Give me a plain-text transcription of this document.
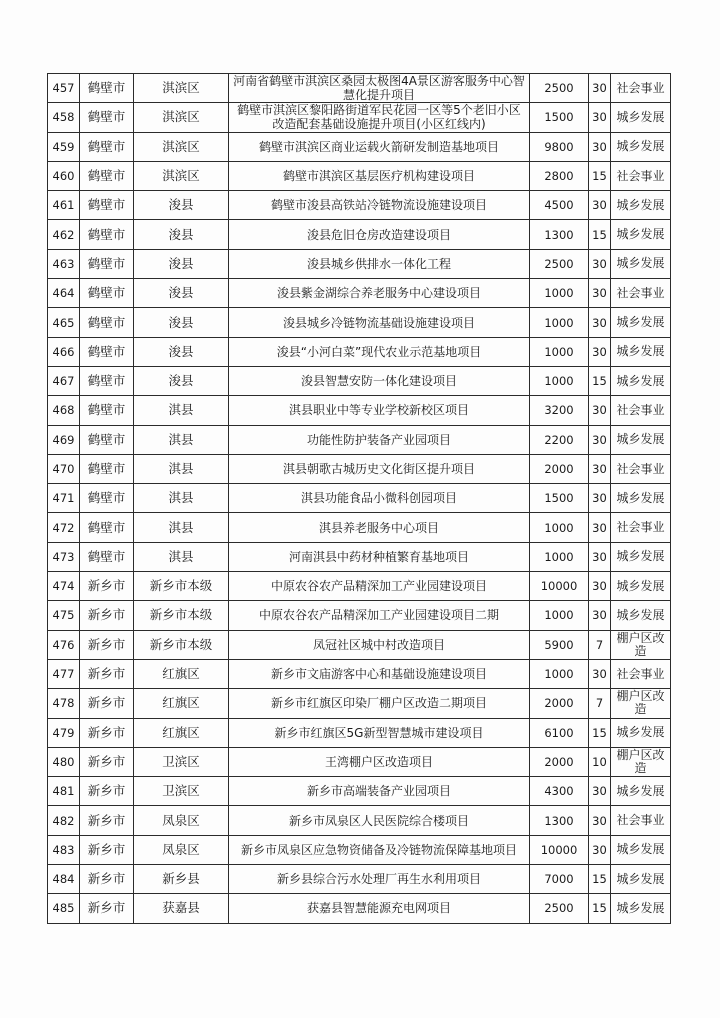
457	鹤壁市	淇滨区	河南省鹤壁市淇滨区桑园太极图4A景区游客服务中心智慧化提升项目	2500	30	社会事业
458	鹤壁市	淇滨区	鹤壁市淇滨区黎阳路街道军民花园一区等5个老旧小区改造配套基础设施提升项目(小区红线内)	1500	30	城乡发展
459	鹤壁市	淇滨区	鹤壁市淇滨区商业运载火箭研发制造基地项目	9800	30	城乡发展
460	鹤壁市	淇滨区	鹤壁市淇滨区基层医疗机构建设项目	2800	15	社会事业
461	鹤壁市	浚县	鹤壁市浚县高铁站冷链物流设施建设项目	4500	30	城乡发展
462	鹤壁市	浚县	浚县危旧仓房改造建设项目	1300	15	城乡发展
463	鹤壁市	浚县	浚县城乡供排水一体化工程	2500	30	城乡发展
464	鹤壁市	浚县	浚县紫金湖综合养老服务中心建设项目	1000	30	社会事业
465	鹤壁市	浚县	浚县城乡冷链物流基础设施建设项目	1000	30	城乡发展
466	鹤壁市	浚县	浚县“小河白菜”现代农业示范基地项目	1000	30	城乡发展
467	鹤壁市	浚县	浚县智慧安防一体化建设项目	1000	15	城乡发展
468	鹤壁市	淇县	淇县职业中等专业学校新校区项目	3200	30	社会事业
469	鹤壁市	淇县	功能性防护装备产业园项目	2200	30	城乡发展
470	鹤壁市	淇县	淇县朝歌古城历史文化街区提升项目	2000	30	社会事业
471	鹤壁市	淇县	淇县功能食品小微科创园项目	1500	30	城乡发展
472	鹤壁市	淇县	淇县养老服务中心项目	1000	30	社会事业
473	鹤壁市	淇县	河南淇县中药材种植繁育基地项目	1000	30	城乡发展
474	新乡市	新乡市本级	中原农谷农产品精深加工产业园建设项目	10000	30	城乡发展
475	新乡市	新乡市本级	中原农谷农产品精深加工产业园建设项目二期	1000	30	城乡发展
476	新乡市	新乡市本级	凤冠社区城中村改造项目	5900	7	棚户区改造
477	新乡市	红旗区	新乡市文庙游客中心和基础设施建设项目	1000	30	社会事业
478	新乡市	红旗区	新乡市红旗区印染厂棚户区改造二期项目	2000	7	棚户区改造
479	新乡市	红旗区	新乡市红旗区5G新型智慧城市建设项目	6100	15	城乡发展
480	新乡市	卫滨区	王湾棚户区改造项目	2000	10	棚户区改造
481	新乡市	卫滨区	新乡市高端装备产业园项目	4300	30	城乡发展
482	新乡市	凤泉区	新乡市凤泉区人民医院综合楼项目	1300	30	社会事业
483	新乡市	凤泉区	新乡市凤泉区应急物资储备及冷链物流保障基地项目	10000	30	城乡发展
484	新乡市	新乡县	新乡县综合污水处理厂再生水利用项目	7000	15	城乡发展
485	新乡市	获嘉县	获嘉县智慧能源充电网项目	2500	15	城乡发展
